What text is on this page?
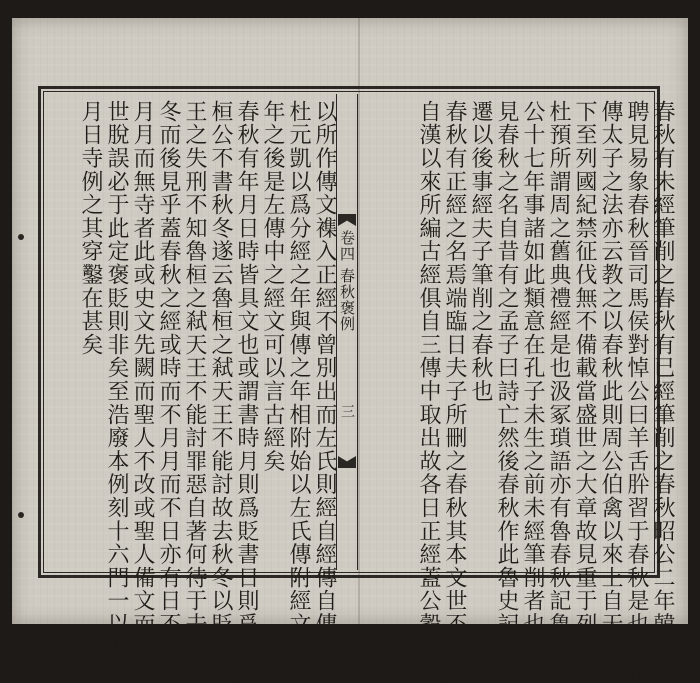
卷四 春秋褒例
三	春秋有未經筆削之春秋有已經筆削之春秋昭公二年韓起來
聘見易象春秋晉司馬侯對悼公曰羊舌肸習于春秋是也孰論
傳太子之法亦云教之以春秋此則周公伯禽以來上自天子
下至列國紀禁征伐無不備載當盛世之大章故見重于列國
杜預所謂周之舊典禮經是也汲冢瑣語亦有魯春秋記魯獻
公十七年事諸如此類意在孔子未生之前未經筆削者也可
見春秋之名自昔有之孟子曰詩亡然後春秋作此魯史記東
遷以後事經夫子筆削之春秋也
春秋有正經之名焉端臨日夫子所刪之春秋其本文世不多見
自漢以來所編古經俱自三傳中取出故各日正經蓋公穀左
以所作傳文襍入正經不曾別出而左氏則經自經傳自傳建
杜元凱以爲分經之年與傳之年相附始以左氏傳附經文各
年之後是左傳中之經文可以言古經矣
春秋有年月日時皆具文也或謂書時月則爲貶書日則爲褒如
桓公不書秋冬遂云魯桓之弒天王不能討故去秋冬以貶天
王之失刑不知魯桓之弒天王不能討罪惡自著何待于去秋
冬而後見乎蓋春秋之經或時而不月月而不日亦有日不係
月月而無寺者此或史文先闕而聖人不改或聖人備文而後
世脫誤必于此定褒貶則非矣至浩廢本例刻十六門一以年
月日寺例之其穿鑿在甚矣
